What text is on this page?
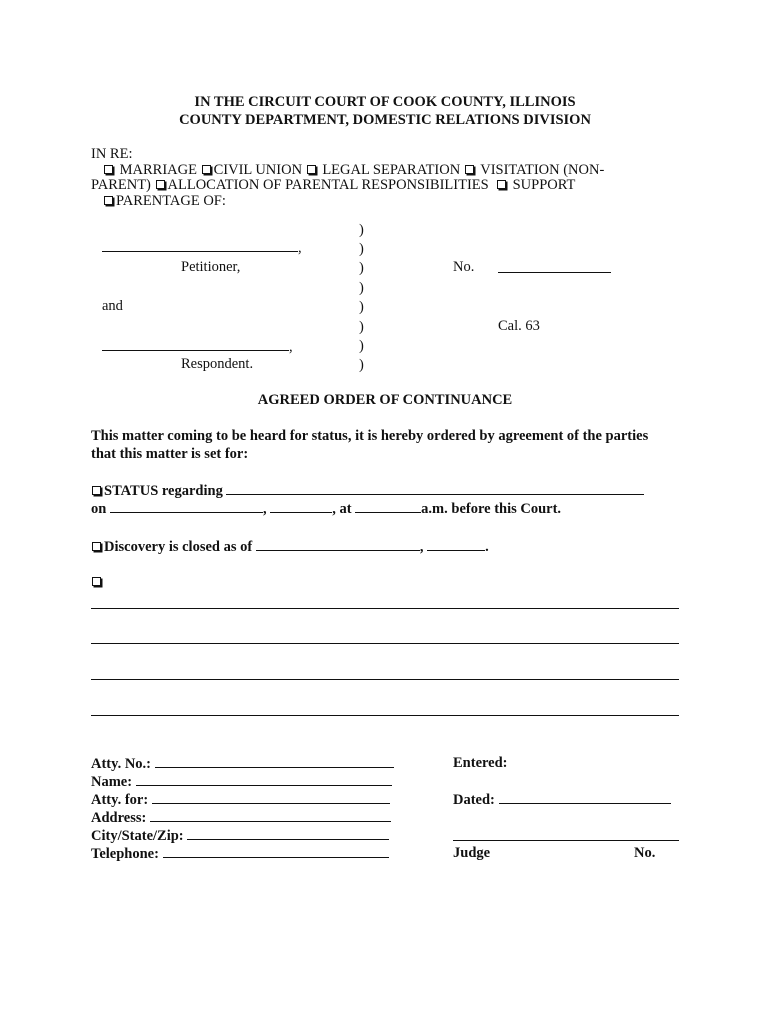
IN THE CIRCUIT COURT OF COOK COUNTY, ILLINOIS
COUNTY DEPARTMENT, DOMESTIC RELATIONS DIVISION
IN RE:
MARRIAGE CIVIL UNION LEGAL SEPARATION VISITATION (NON-
PARENT) ALLOCATION OF PARENTAL RESPONSIBILITIES SUPPORT
PARENTAGE OF:
,
Petitioner,
and
,
Respondent.
)
)
)
)
)
)
)
)
No.
Cal. 63
AGREED ORDER OF CONTINUANCE
This matter coming to be heard for status, it is hereby ordered by agreement of the parties
that this matter is set for:
STATUS regarding
on	,	, at	a.m. before this Court.
Discovery is closed as of	,	.
Atty. No.:
Name:
Atty. for:
Address:
City/State/Zip:
Telephone:
Entered:
Dated:
Judge	No.
